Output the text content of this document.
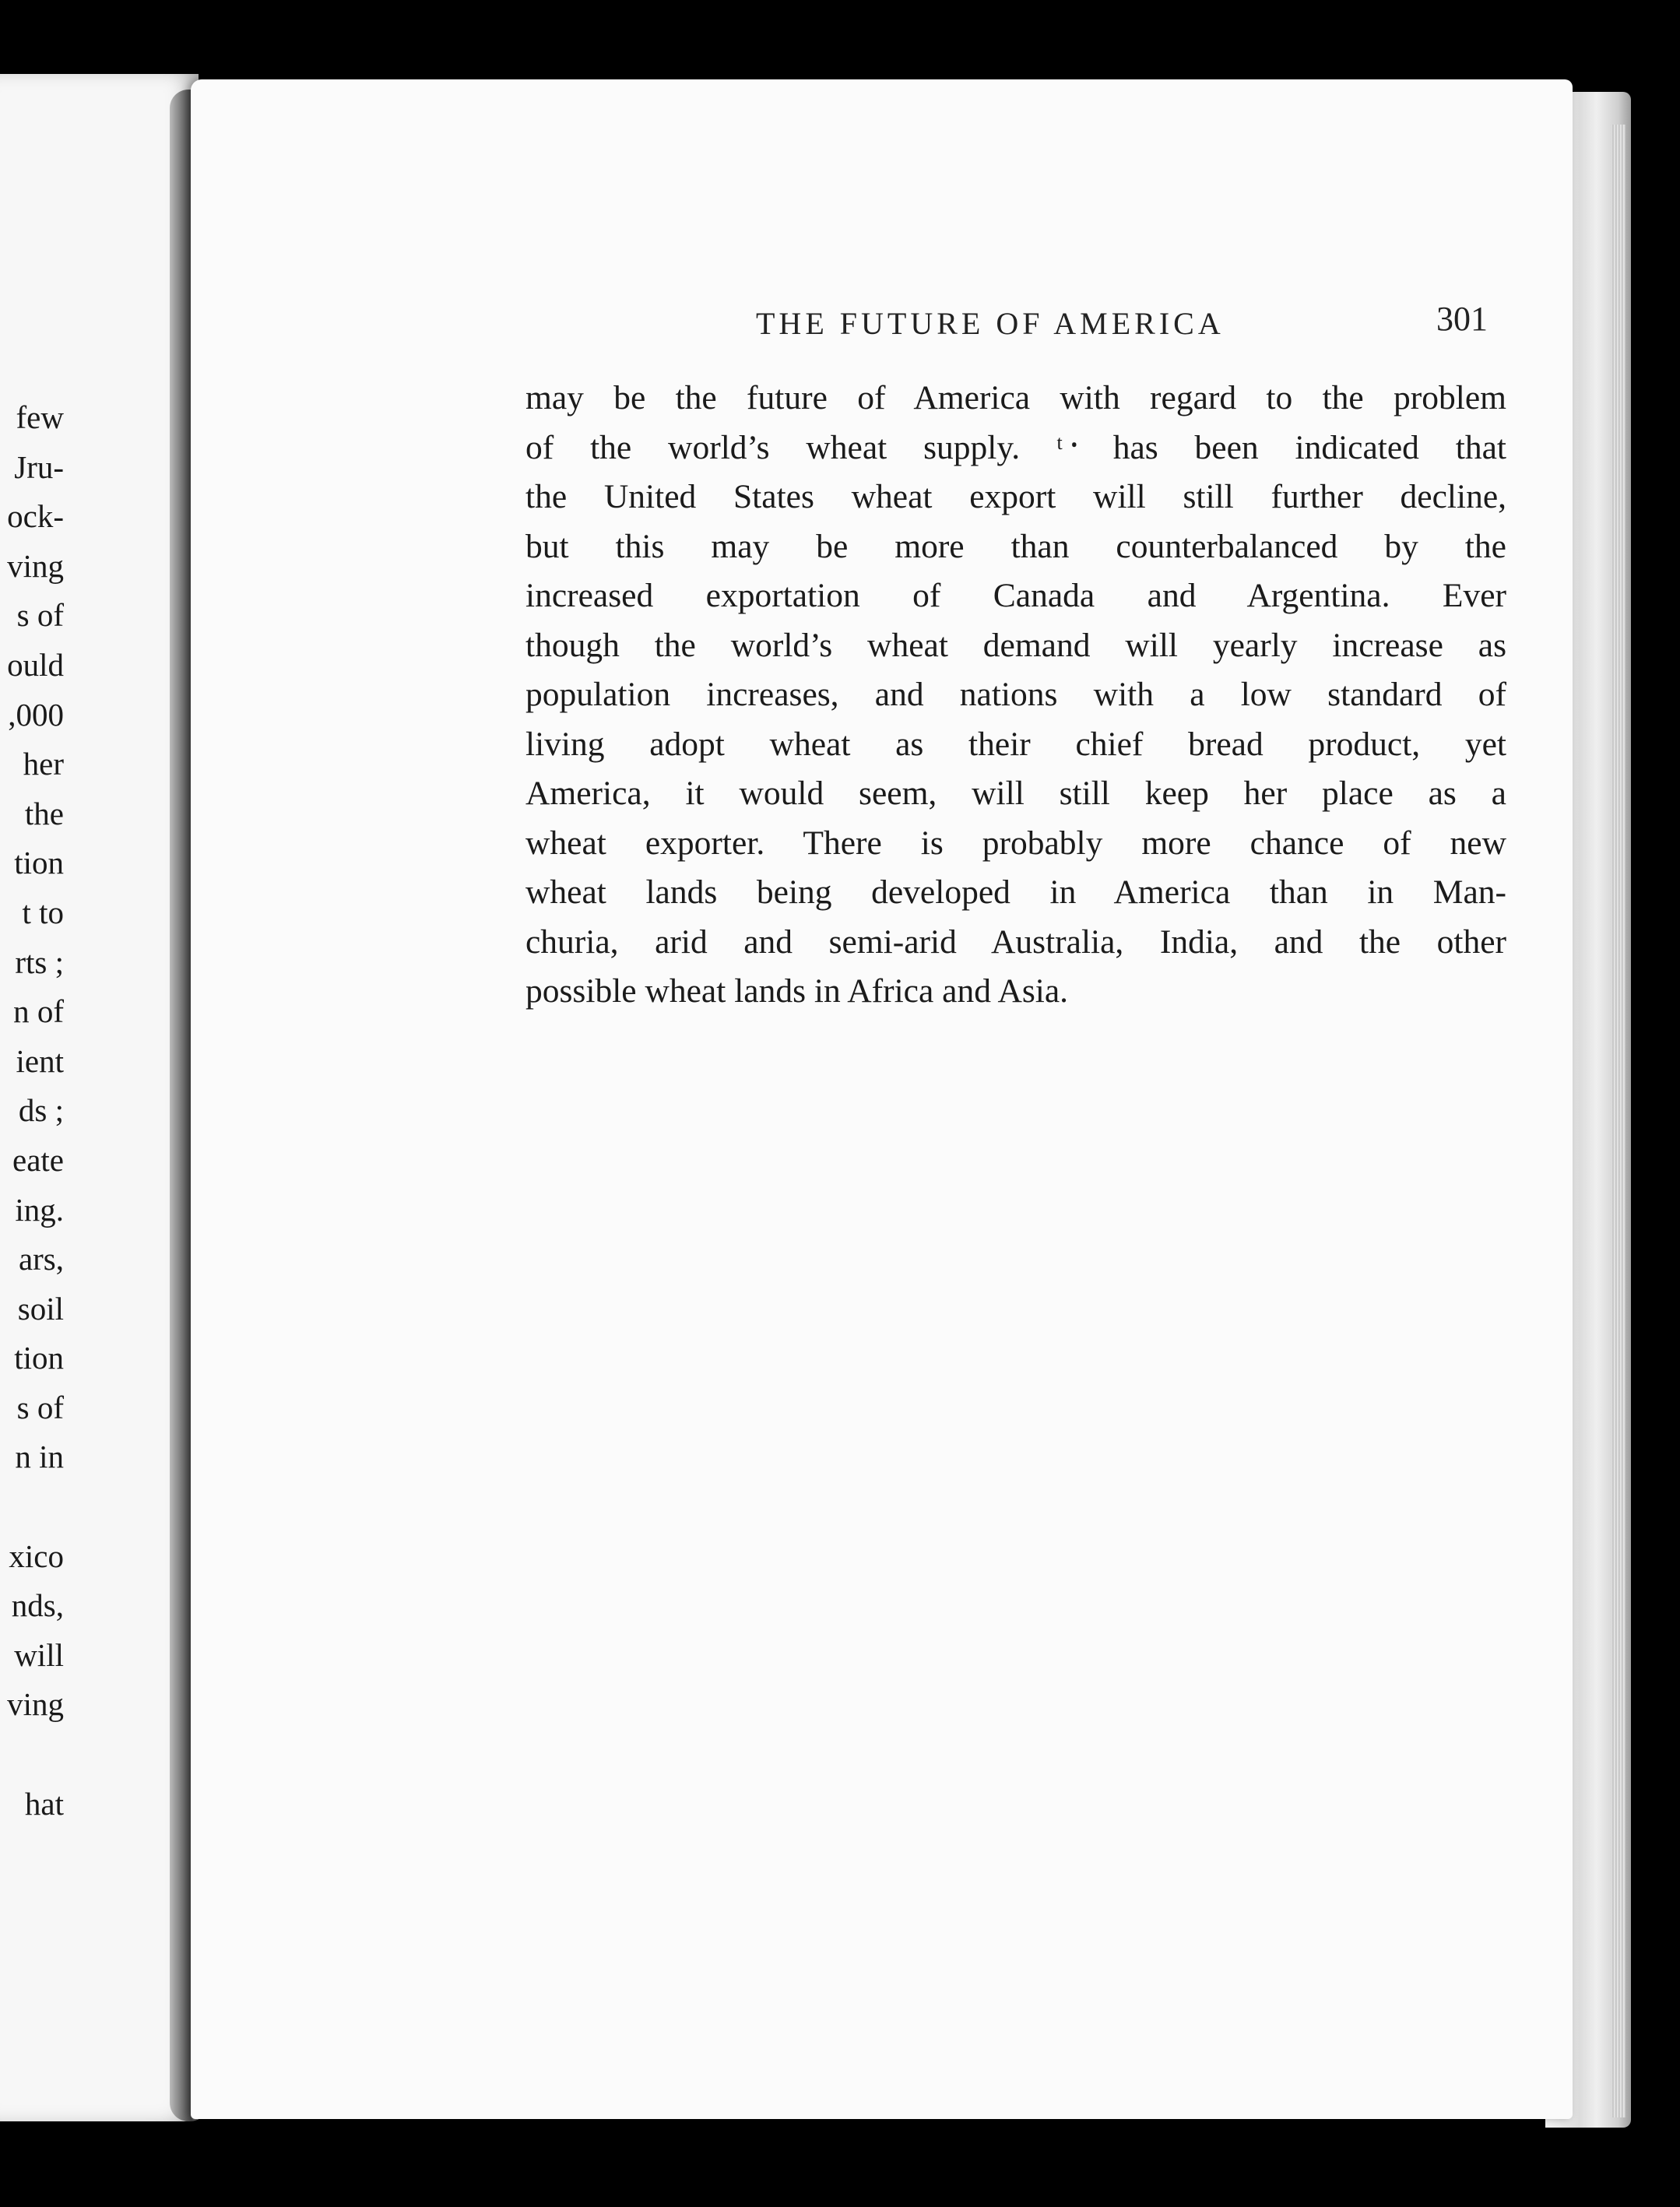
few
Jru-
ock-
ving
s of
ould
,000
her
the
tion
t to
rts ;
n of
ient
ds ;
eate
ing.
ars,
soil
tion
s of
n in
xico
nds,
will
ving
hat
THE FUTURE OF AMERICA	301
may be the future of America with regard to the problem
of the world’s wheat supply. ᵗ᠂ has been indicated that
the United States wheat export will still further decline,
but this may be more than counterbalanced by the
increased exportation of Canada and Argentina. Ever
though the world’s wheat demand will yearly increase as
population increases, and nations with a low standard of
living adopt wheat as their chief bread product, yet
America, it would seem, will still keep her place as a
wheat exporter. There is probably more chance of new
wheat lands being developed in America than in Man-
churia, arid and semi-arid Australia, India, and the other
possible wheat lands in Africa and Asia.
